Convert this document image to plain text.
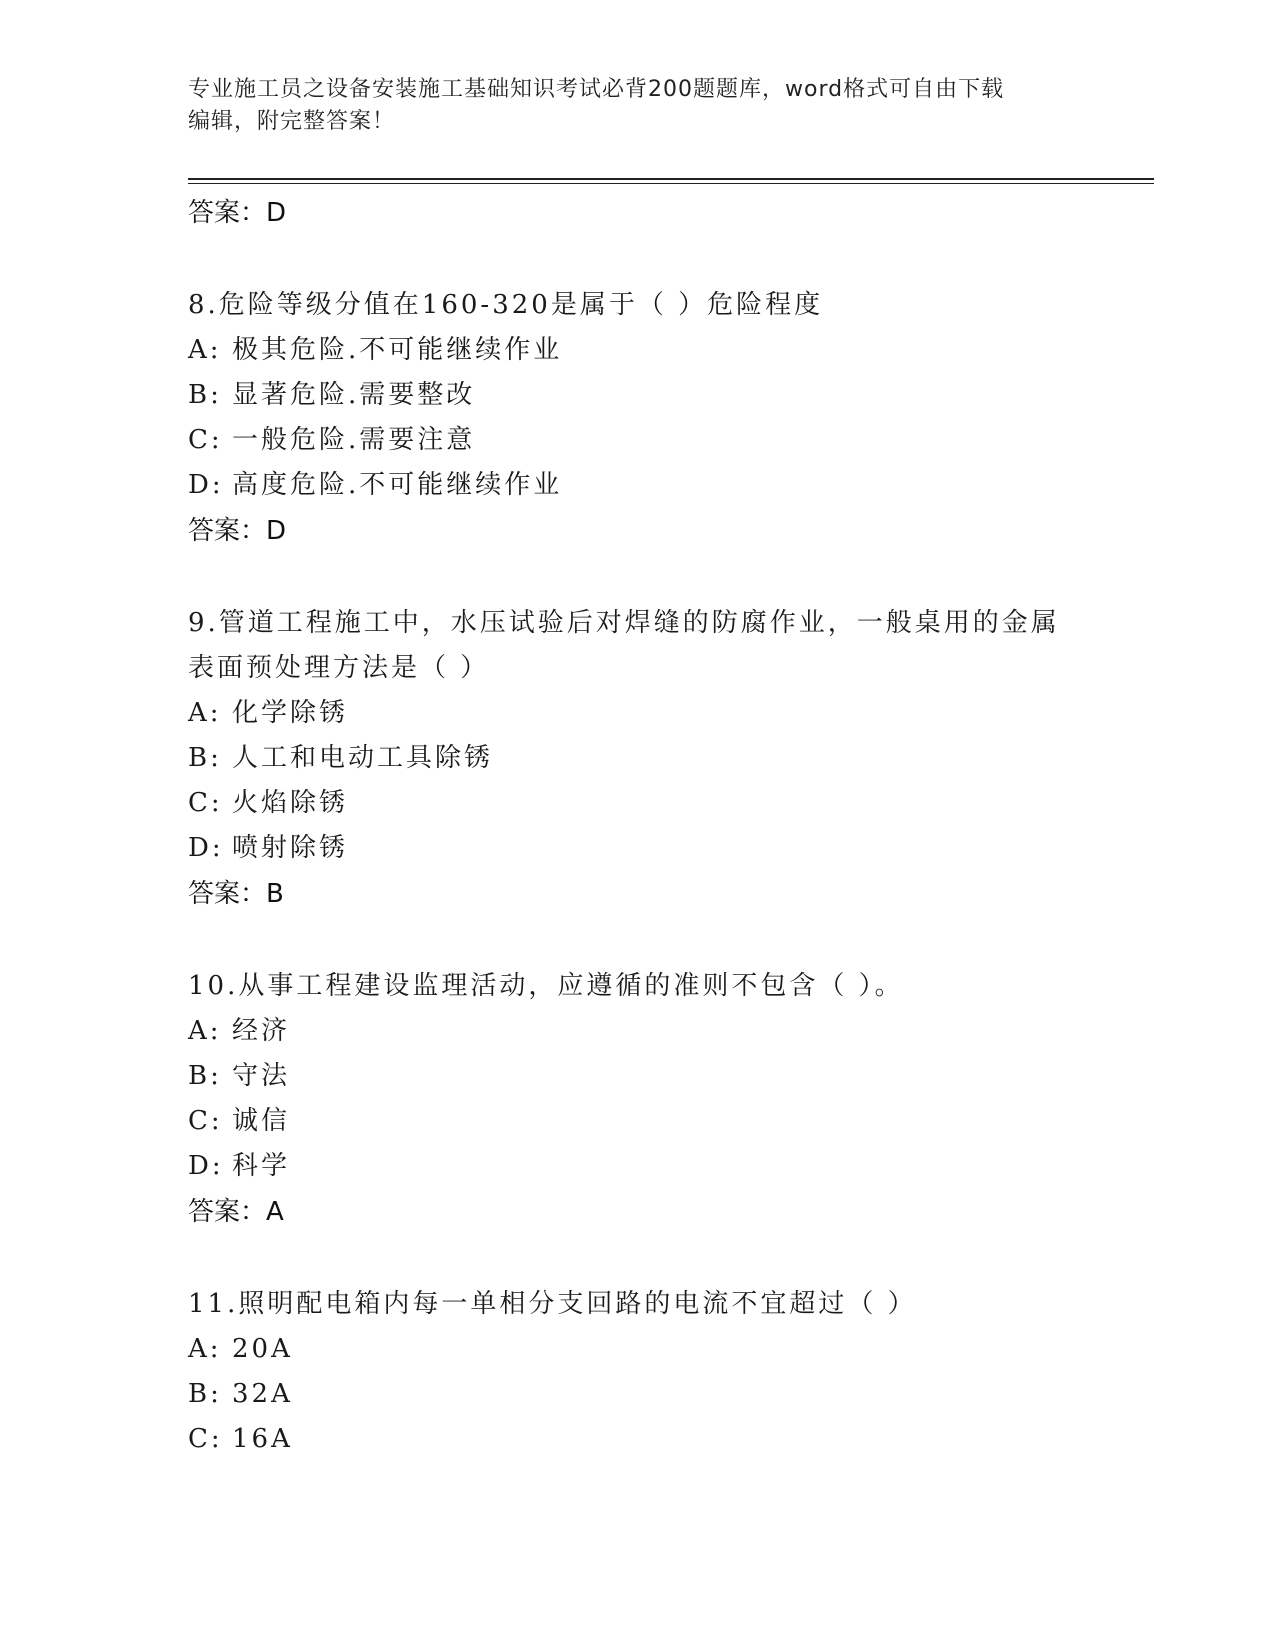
专业施工员之设备安装施工基础知识考试必背200题题库，word格式可自由下载
编辑，附完整答案！
答案：D
8.危险等级分值在160-320是属于（ ）危险程度
A: 极其危险.不可能继续作业
B: 显著危险.需要整改
C: 一般危险.需要注意
D: 高度危险.不可能继续作业
答案：D
9.管道工程施工中，水压试验后对焊缝的防腐作业，一般桌用的金属
表面预处理方法是（ ）
A: 化学除锈
B: 人工和电动工具除锈
C: 火焰除锈
D: 喷射除锈
答案：B
10.从事工程建设监理活动，应遵循的准则不包含（ ）。
A: 经济
B: 守法
C: 诚信
D: 科学
答案：A
11.照明配电箱内每一单相分支回路的电流不宜超过（ ）
A: 20A
B: 32A
C: 16A
